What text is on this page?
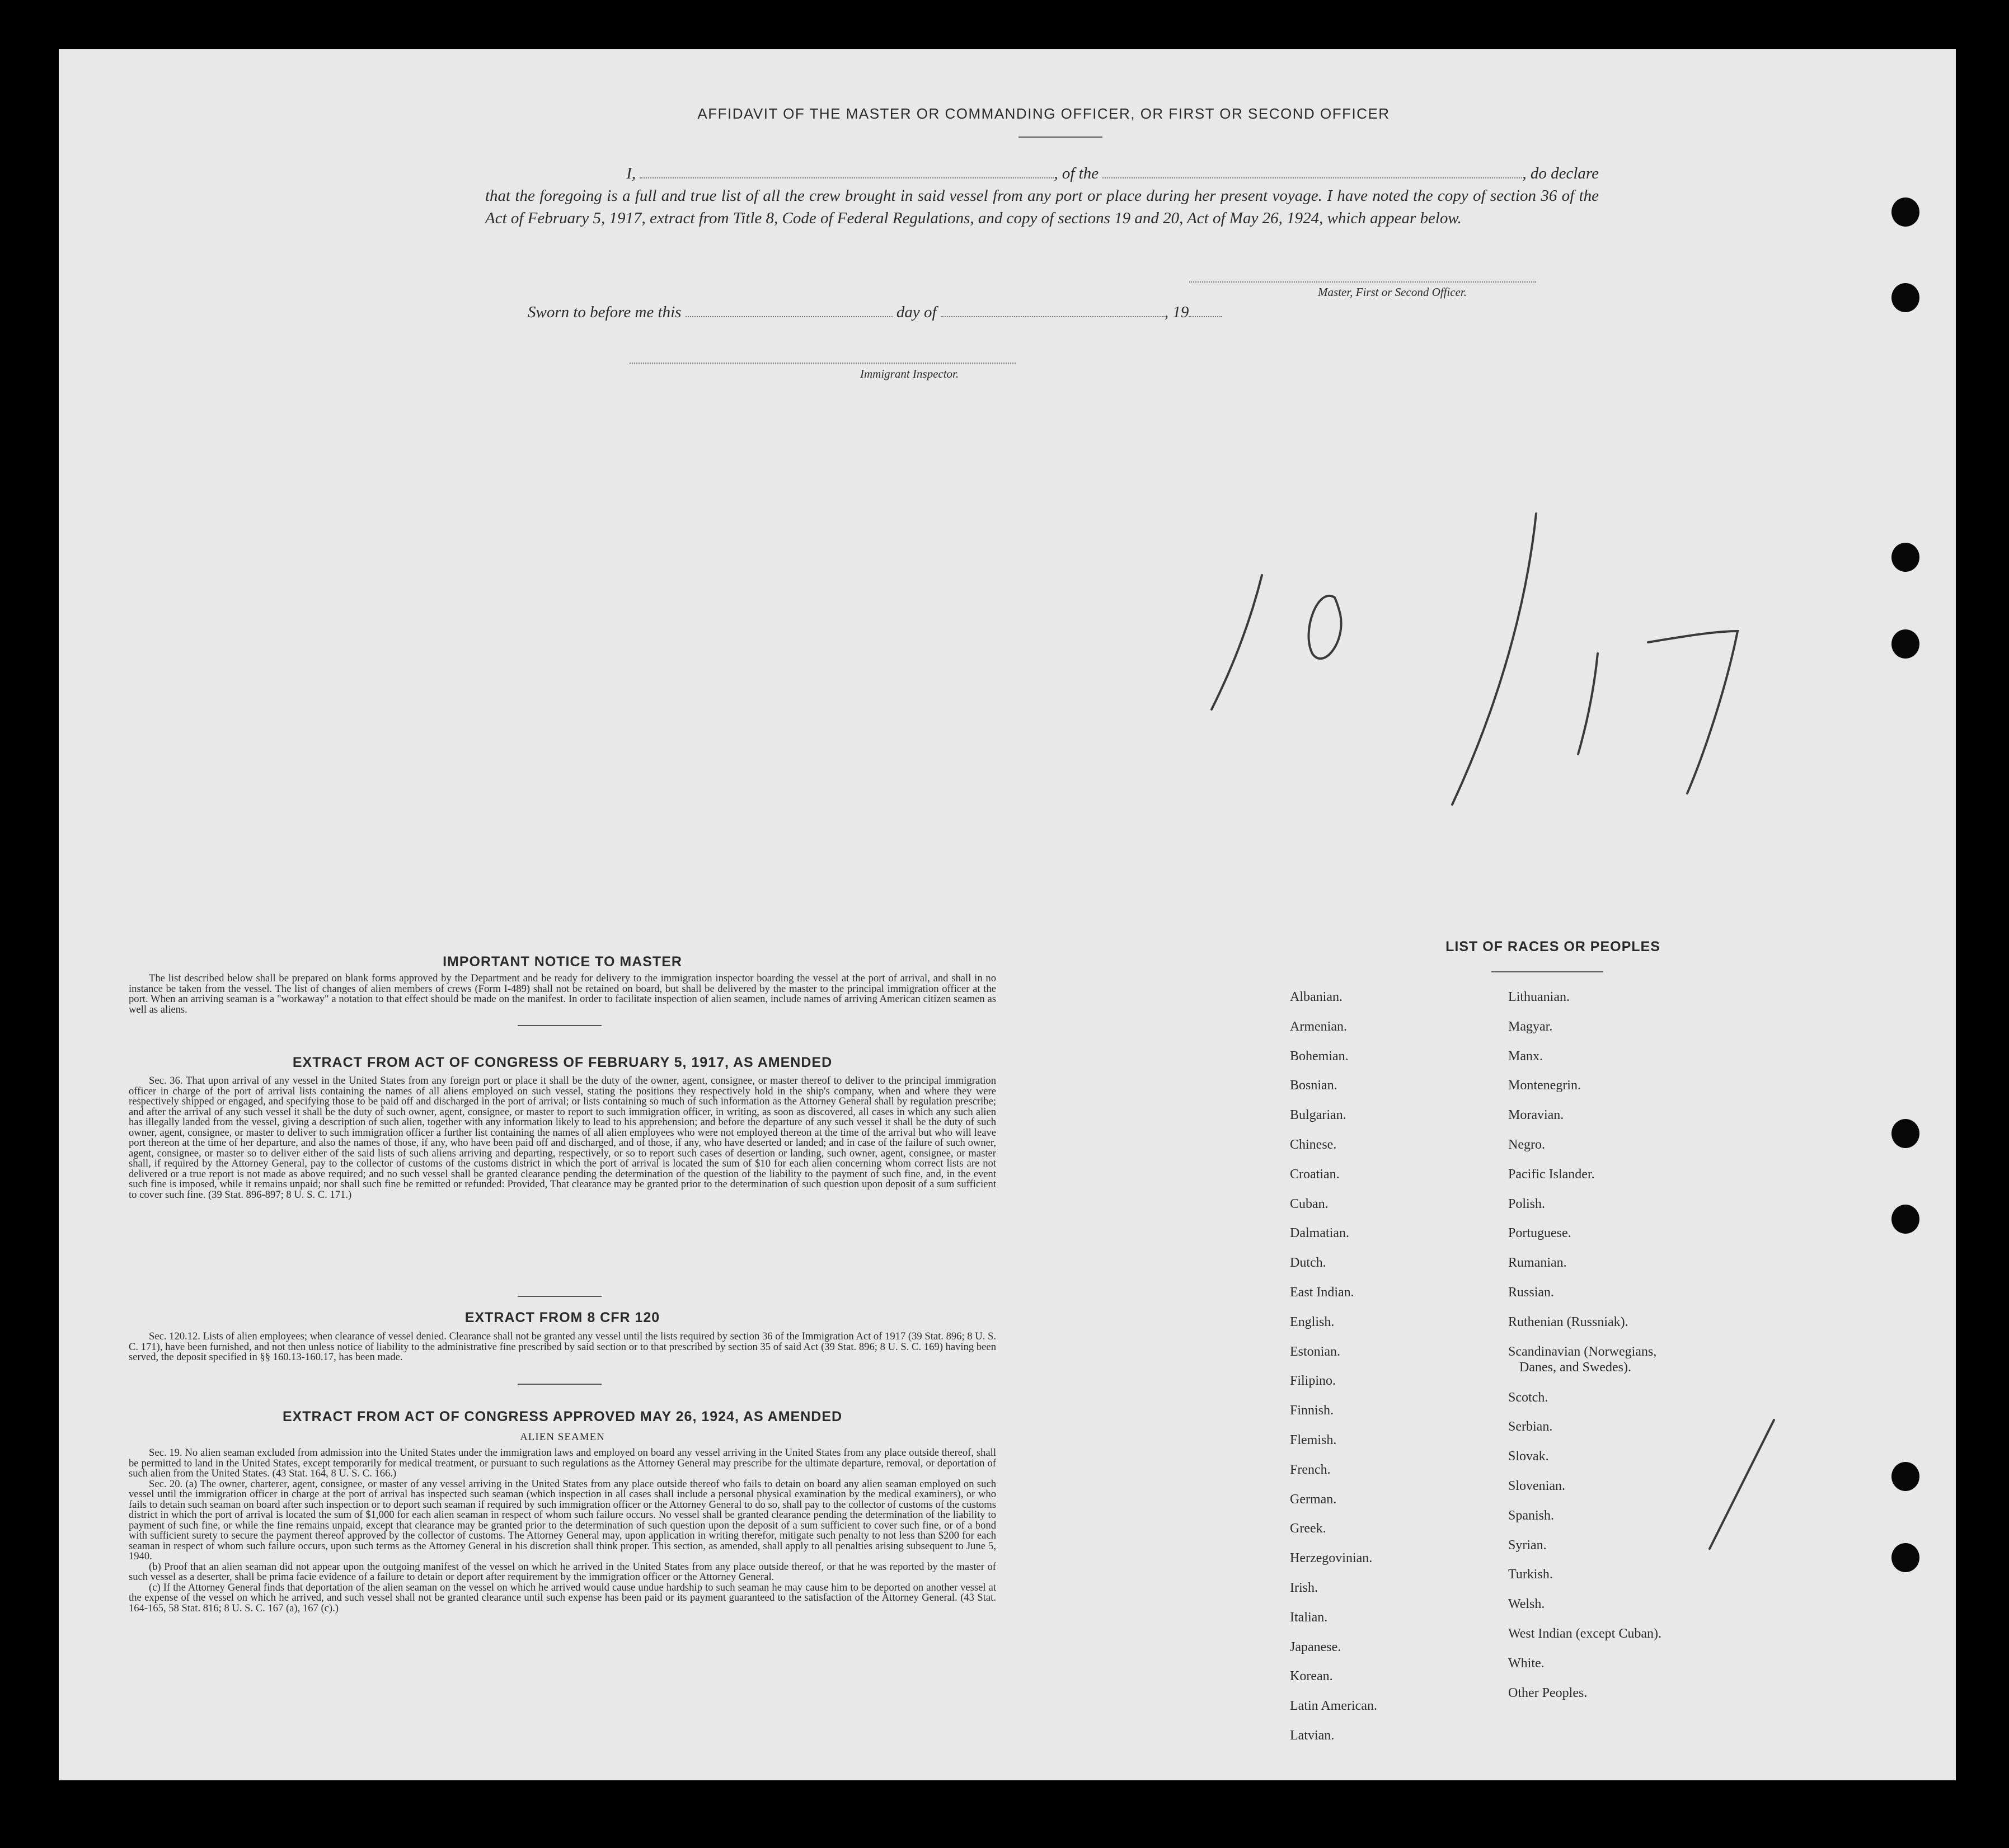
AFFIDAVIT OF THE MASTER OR COMMANDING OFFICER, OR FIRST OR SECOND OFFICER
I,	, of the	, do declare
that the foregoing is a full and true list of all the crew brought in said vessel from any port or place during her present voyage. I have noted the copy of section 36 of the Act of February 5, 1917, extract from Title 8, Code of Federal Regulations, and copy of sections 19 and 20, Act of May 26, 1924, which appear below.
Master, First or Second Officer.
Sworn to before me this	day of	, 19
Immigrant Inspector.
IMPORTANT NOTICE TO MASTER
The list described below shall be prepared on blank forms approved by the Department and be ready for delivery to the immigration inspector boarding the vessel at the port of arrival, and shall in no instance be taken from the vessel. The list of changes of alien members of crews (Form I-489) shall not be retained on board, but shall be delivered by the master to the principal immigration officer at the port. When an arriving seaman is a "workaway" a notation to that effect should be made on the manifest. In order to facilitate inspection of alien seamen, include names of arriving American citizen seamen as well as aliens.
EXTRACT FROM ACT OF CONGRESS OF FEBRUARY 5, 1917, AS AMENDED
Sec. 36. That upon arrival of any vessel in the United States from any foreign port or place it shall be the duty of the owner, agent, consignee, or master thereof to deliver to the principal immigration officer in charge of the port of arrival lists containing the names of all aliens employed on such vessel, stating the positions they respectively hold in the ship's company, when and where they were respectively shipped or engaged, and specifying those to be paid off and discharged in the port of arrival; or lists containing so much of such information as the Attorney General shall by regulation prescribe; and after the arrival of any such vessel it shall be the duty of such owner, agent, consignee, or master to report to such immigration officer, in writing, as soon as discovered, all cases in which any such alien has illegally landed from the vessel, giving a description of such alien, together with any information likely to lead to his apprehension; and before the departure of any such vessel it shall be the duty of such owner, agent, consignee, or master to deliver to such immigration officer a further list containing the names of all alien employees who were not employed thereon at the time of the arrival but who will leave port thereon at the time of her departure, and also the names of those, if any, who have been paid off and discharged, and of those, if any, who have deserted or landed; and in case of the failure of such owner, agent, consignee, or master so to deliver either of the said lists of such aliens arriving and departing, respectively, or so to report such cases of desertion or landing, such owner, agent, consignee, or master shall, if required by the Attorney General, pay to the collector of customs of the customs district in which the port of arrival is located the sum of $10 for each alien concerning whom correct lists are not delivered or a true report is not made as above required; and no such vessel shall be granted clearance pending the determination of the question of the liability to the payment of such fine, and, in the event such fine is imposed, while it remains unpaid; nor shall such fine be remitted or refunded: Provided, That clearance may be granted prior to the determination of such question upon deposit of a sum sufficient to cover such fine. (39 Stat. 896-897; 8 U. S. C. 171.)
EXTRACT FROM 8 CFR 120
Sec. 120.12. Lists of alien employees; when clearance of vessel denied. Clearance shall not be granted any vessel until the lists required by section 36 of the Immigration Act of 1917 (39 Stat. 896; 8 U. S. C. 171), have been furnished, and not then unless notice of liability to the administrative fine prescribed by said section or to that prescribed by section 35 of said Act (39 Stat. 896; 8 U. S. C. 169) having been served, the deposit specified in §§ 160.13-160.17, has been made.
EXTRACT FROM ACT OF CONGRESS APPROVED MAY 26, 1924, AS AMENDED
ALIEN SEAMEN

Sec. 19. No alien seaman excluded from admission into the United States under the immigration laws and employed on board any vessel arriving in the United States from any place outside thereof, shall be permitted to land in the United States, except temporarily for medical treatment, or pursuant to such regulations as the Attorney General may prescribe for the ultimate departure, removal, or deportation of such alien from the United States. (43 Stat. 164, 8 U. S. C. 166.)

Sec. 20. (a) The owner, charterer, agent, consignee, or master of any vessel arriving in the United States from any place outside thereof who fails to detain on board any alien seaman employed on such vessel until the immigration officer in charge at the port of arrival has inspected such seaman (which inspection in all cases shall include a personal physical examination by the medical examiners), or who fails to detain such seaman on board after such inspection or to deport such seaman if required by such immigration officer or the Attorney General to do so, shall pay to the collector of customs of the customs district in which the port of arrival is located the sum of $1,000 for each alien seaman in respect of whom such failure occurs. No vessel shall be granted clearance pending the determination of the liability to payment of such fine, or while the fine remains unpaid, except that clearance may be granted prior to the determination of such question upon the deposit of a sum sufficient to cover such fine, or of a bond with sufficient surety to secure the payment thereof approved by the collector of customs. The Attorney General may, upon application in writing therefor, mitigate such penalty to not less than $200 for each seaman in respect of whom such failure occurs, upon such terms as the Attorney General in his discretion shall think proper. This section, as amended, shall apply to all penalties arising subsequent to June 5, 1940.

(b) Proof that an alien seaman did not appear upon the outgoing manifest of the vessel on which he arrived in the United States from any place outside thereof, or that he was reported by the master of such vessel as a deserter, shall be prima facie evidence of a failure to detain or deport after requirement by the immigration officer or the Attorney General.

(c) If the Attorney General finds that deportation of the alien seaman on the vessel on which he arrived would cause undue hardship to such seaman he may cause him to be deported on another vessel at the expense of the vessel on which he arrived, and such vessel shall not be granted clearance until such expense has been paid or its payment guaranteed to the satisfaction of the Attorney General. (43 Stat. 164-165, 58 Stat. 816; 8 U. S. C. 167 (a), 167 (c).)

LIST OF RACES OR PEOPLES
Albanian.
Armenian.
Bohemian.
Bosnian.
Bulgarian.
Chinese.
Croatian.
Cuban.
Dalmatian.
Dutch.
East Indian.
English.
Estonian.
Filipino.
Finnish.
Flemish.
French.
German.
Greek.
Herzegovinian.
Irish.
Italian.
Japanese.
Korean.
Latin American.
Latvian.
Lithuanian.
Magyar.
Manx.
Montenegrin.
Moravian.
Negro.
Pacific Islander.
Polish.
Portuguese.
Rumanian.
Russian.
Ruthenian (Russniak).
Scandinavian (Norwegians,
Danes, and Swedes).
Scotch.
Serbian.
Slovak.
Slovenian.
Spanish.
Syrian.
Turkish.
Welsh.
West Indian (except Cuban).
White.
Other Peoples.
